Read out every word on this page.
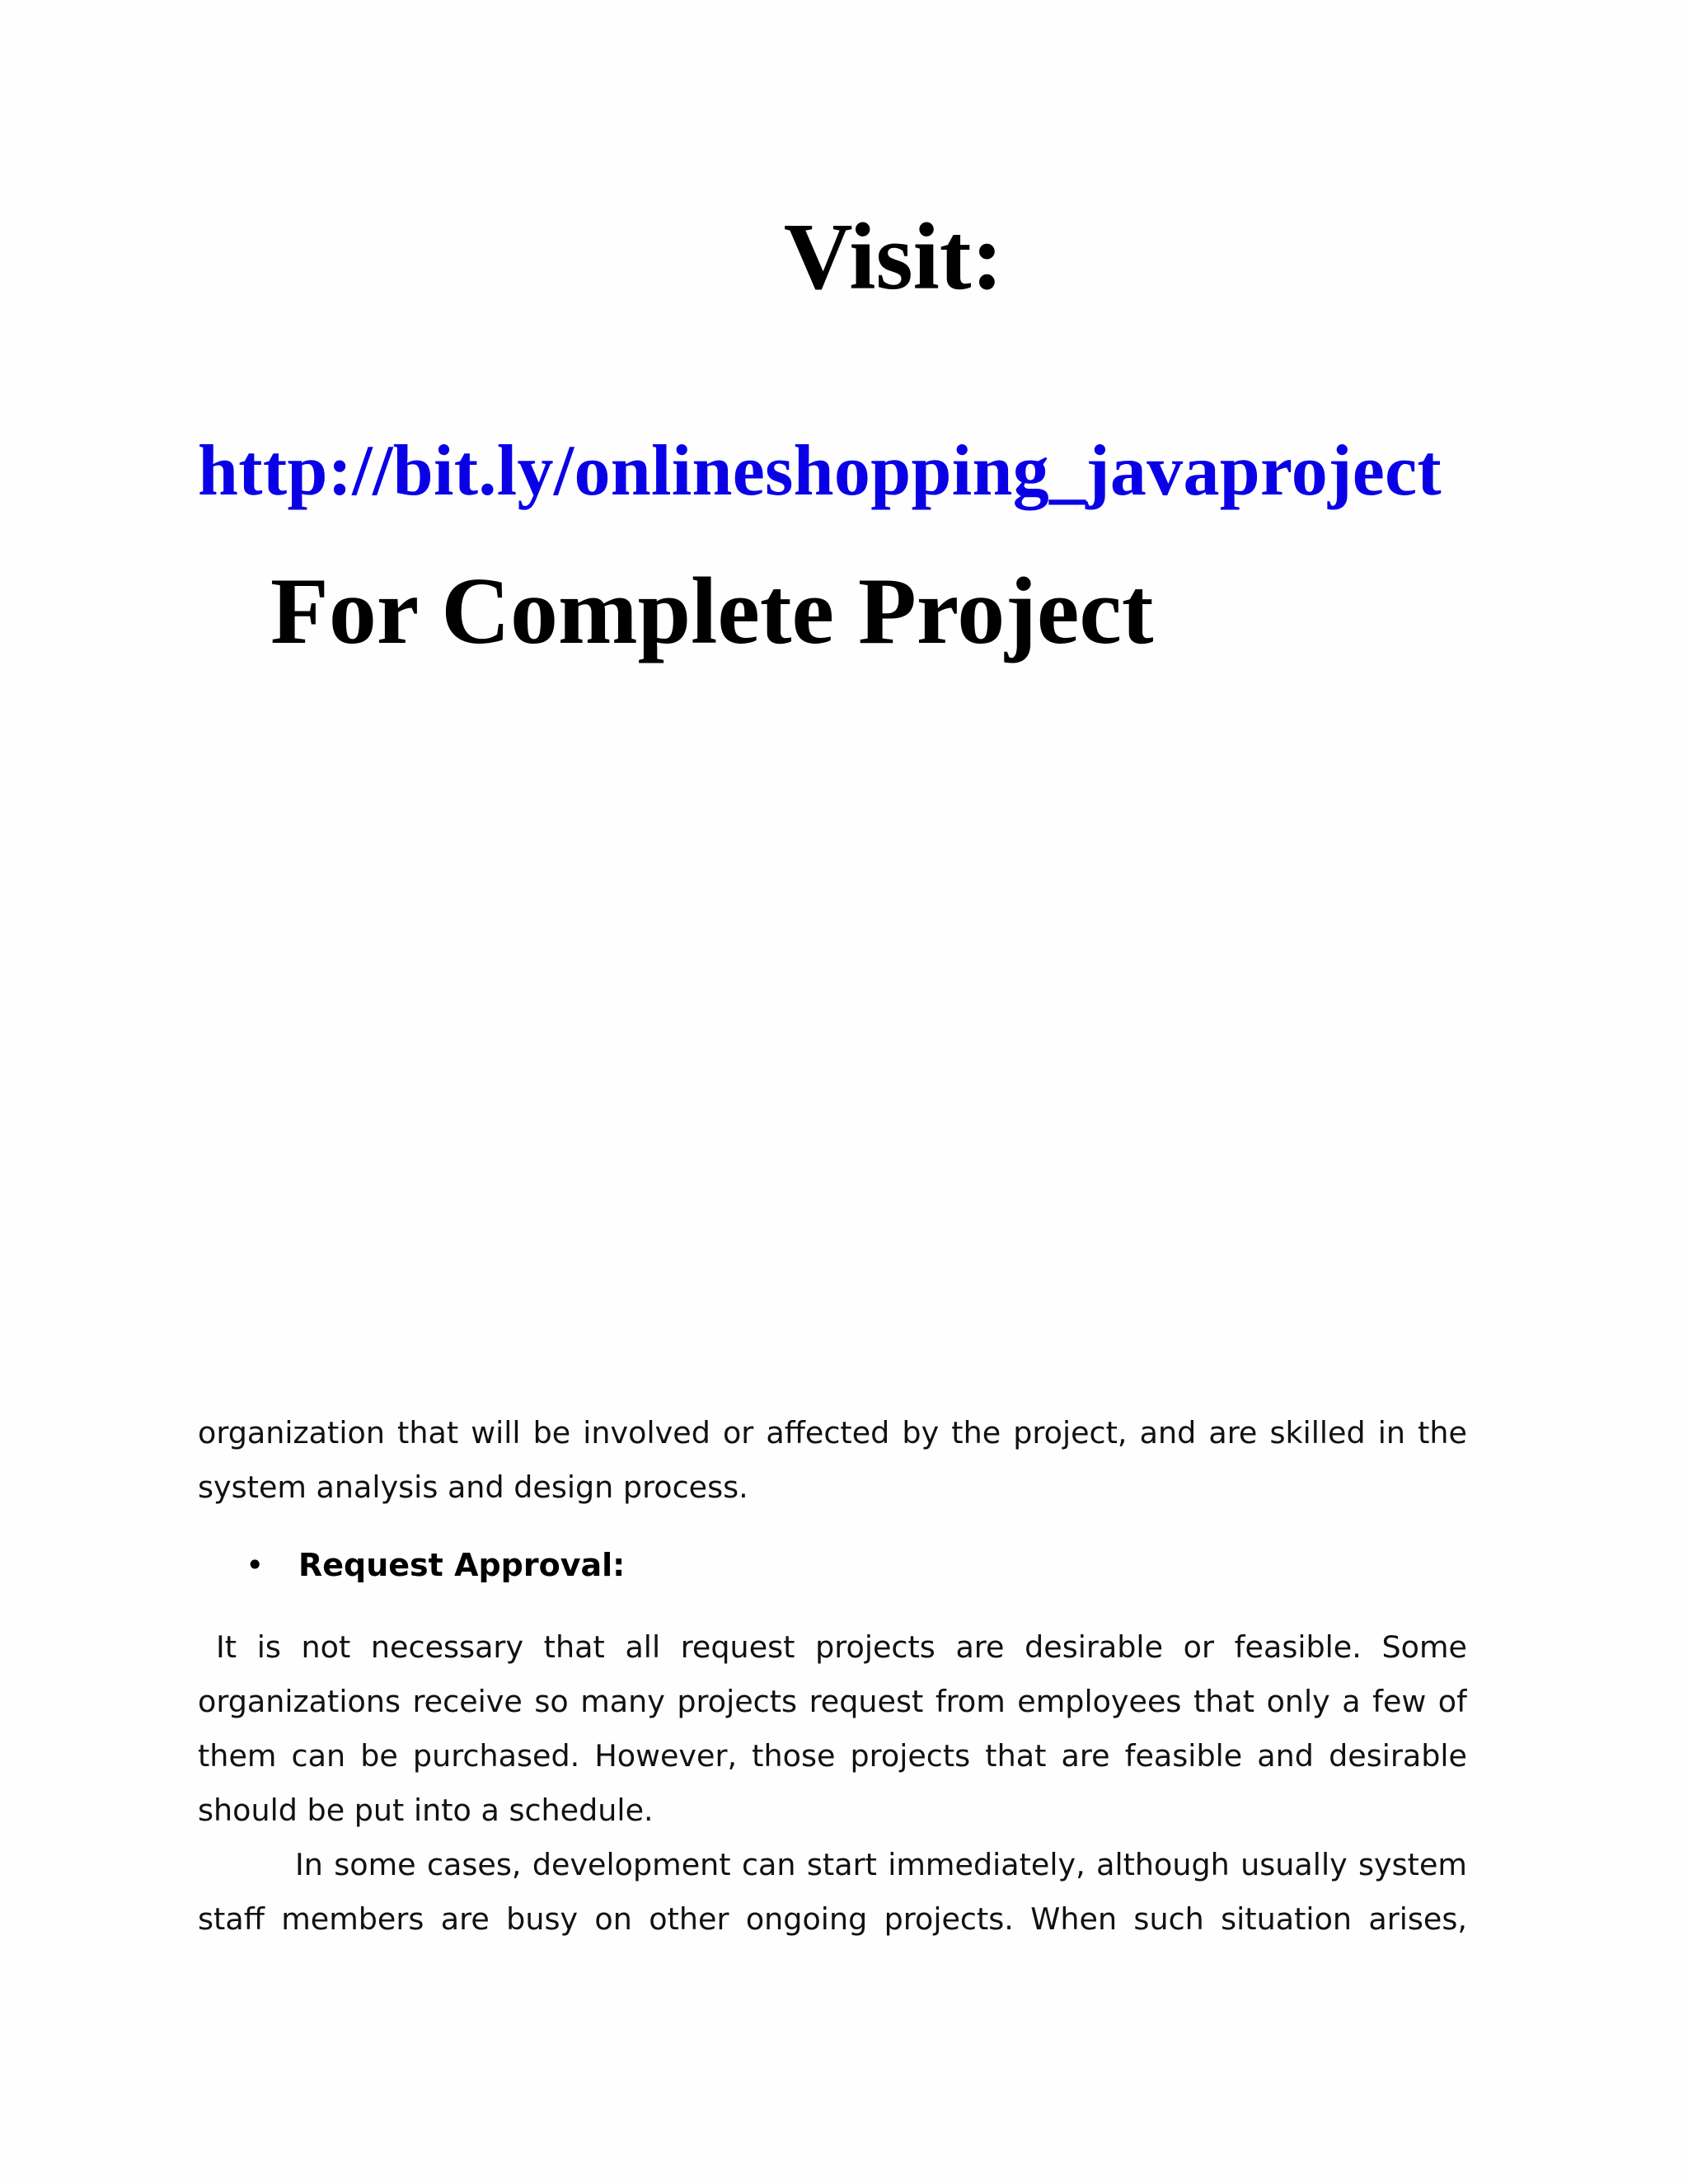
Visit:
http://bit.ly/onlineshopping_javaproject
For Complete Project
organization that will be involved or affected by the project, and are skilled in the
system analysis and design process.
• Request Approval:
It is not necessary that all request projects are desirable or feasible. Some
organizations receive so many projects request from employees that only a few of
them can be purchased. However, those projects that are feasible and desirable
should be put into a schedule.
In some cases, development can start immediately, although usually system
staff members are busy on other ongoing projects. When such situation arises,
